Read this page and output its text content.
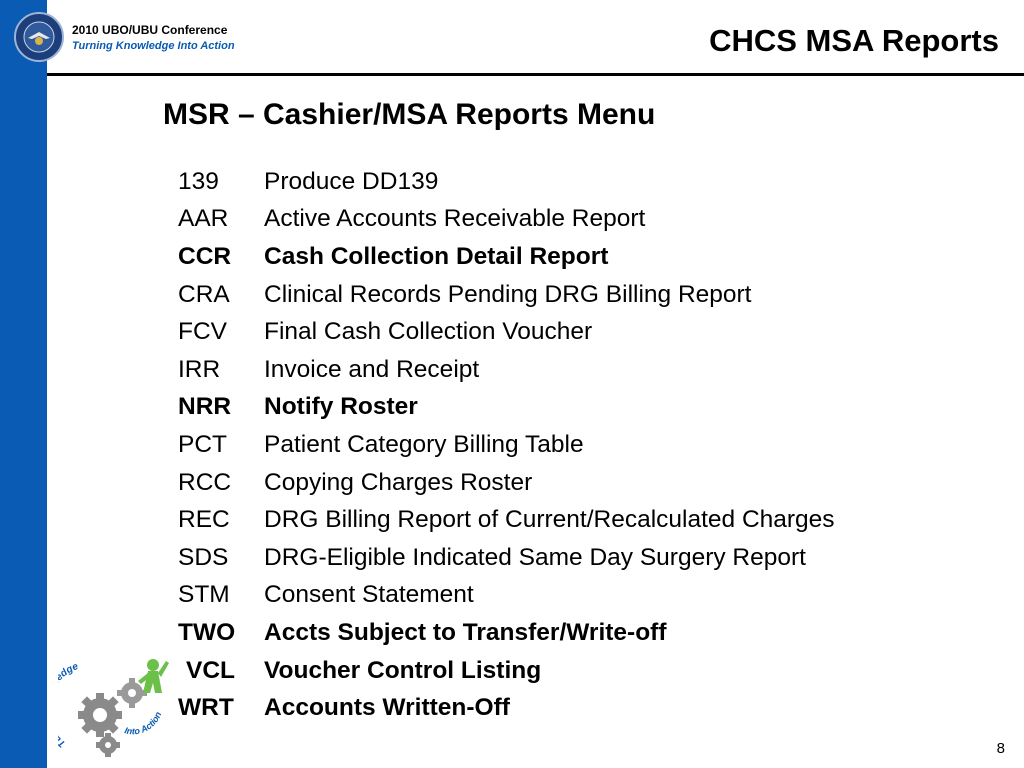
2010 UBO/UBU Conference
Turning Knowledge Into Action	CHCS MSA Reports
MSR – Cashier/MSA Reports Menu
139	Produce DD139
AAR	Active Accounts Receivable Report
CCR	Cash Collection Detail Report
CRA	Clinical Records Pending DRG Billing Report
FCV	Final Cash Collection Voucher
IRR	Invoice and Receipt
NRR	Notify Roster
PCT	Patient Category Billing Table
RCC	Copying Charges Roster
REC	DRG Billing Report of Current/Recalculated Charges
SDS	DRG-Eligible Indicated Same Day Surgery Report
STM	Consent Statement
TWO	Accts Subject to Transfer/Write-off
VCL	Voucher Control Listing
WRT	Accounts Written-Off
dge
Into Action
8
